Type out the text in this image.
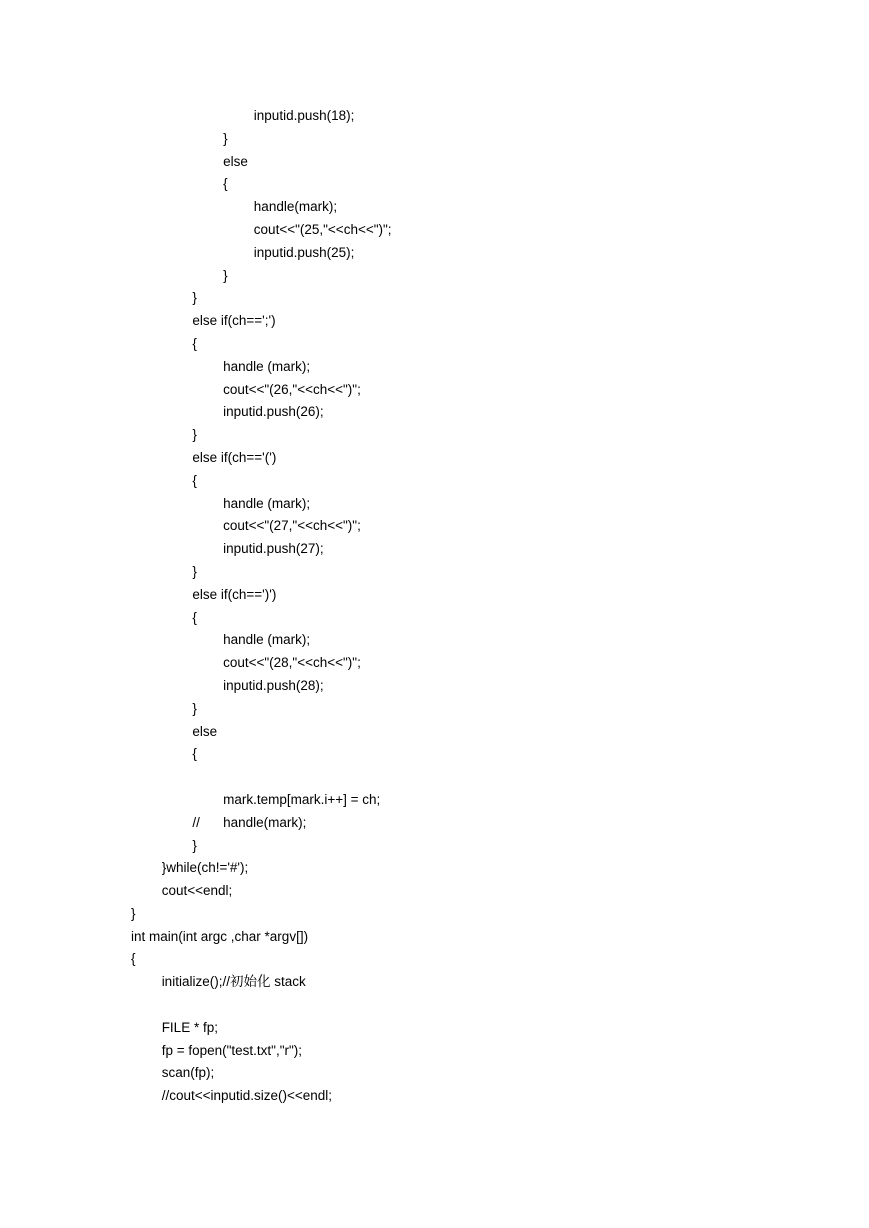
inputid.push(18);
}
else
{
handle(mark);
cout<<"(25,"<<ch<<")";
inputid.push(25);
}
}
else if(ch==';')
{
handle (mark);
cout<<"(26,"<<ch<<")";
inputid.push(26);
}
else if(ch=='(')
{
handle (mark);
cout<<"(27,"<<ch<<")";
inputid.push(27);
}
else if(ch==')')
{
handle (mark);
cout<<"(28,"<<ch<<")";
inputid.push(28);
}
else
{
mark.temp[mark.i++] = ch;
// handle(mark);
}
}while(ch!='#');
cout<<endl;
}
int main(int argc ,char *argv[])
{
initialize();//初始化 stack
FILE * fp;
fp = fopen("test.txt","r");
scan(fp);
//cout<<inputid.size()<<endl;
